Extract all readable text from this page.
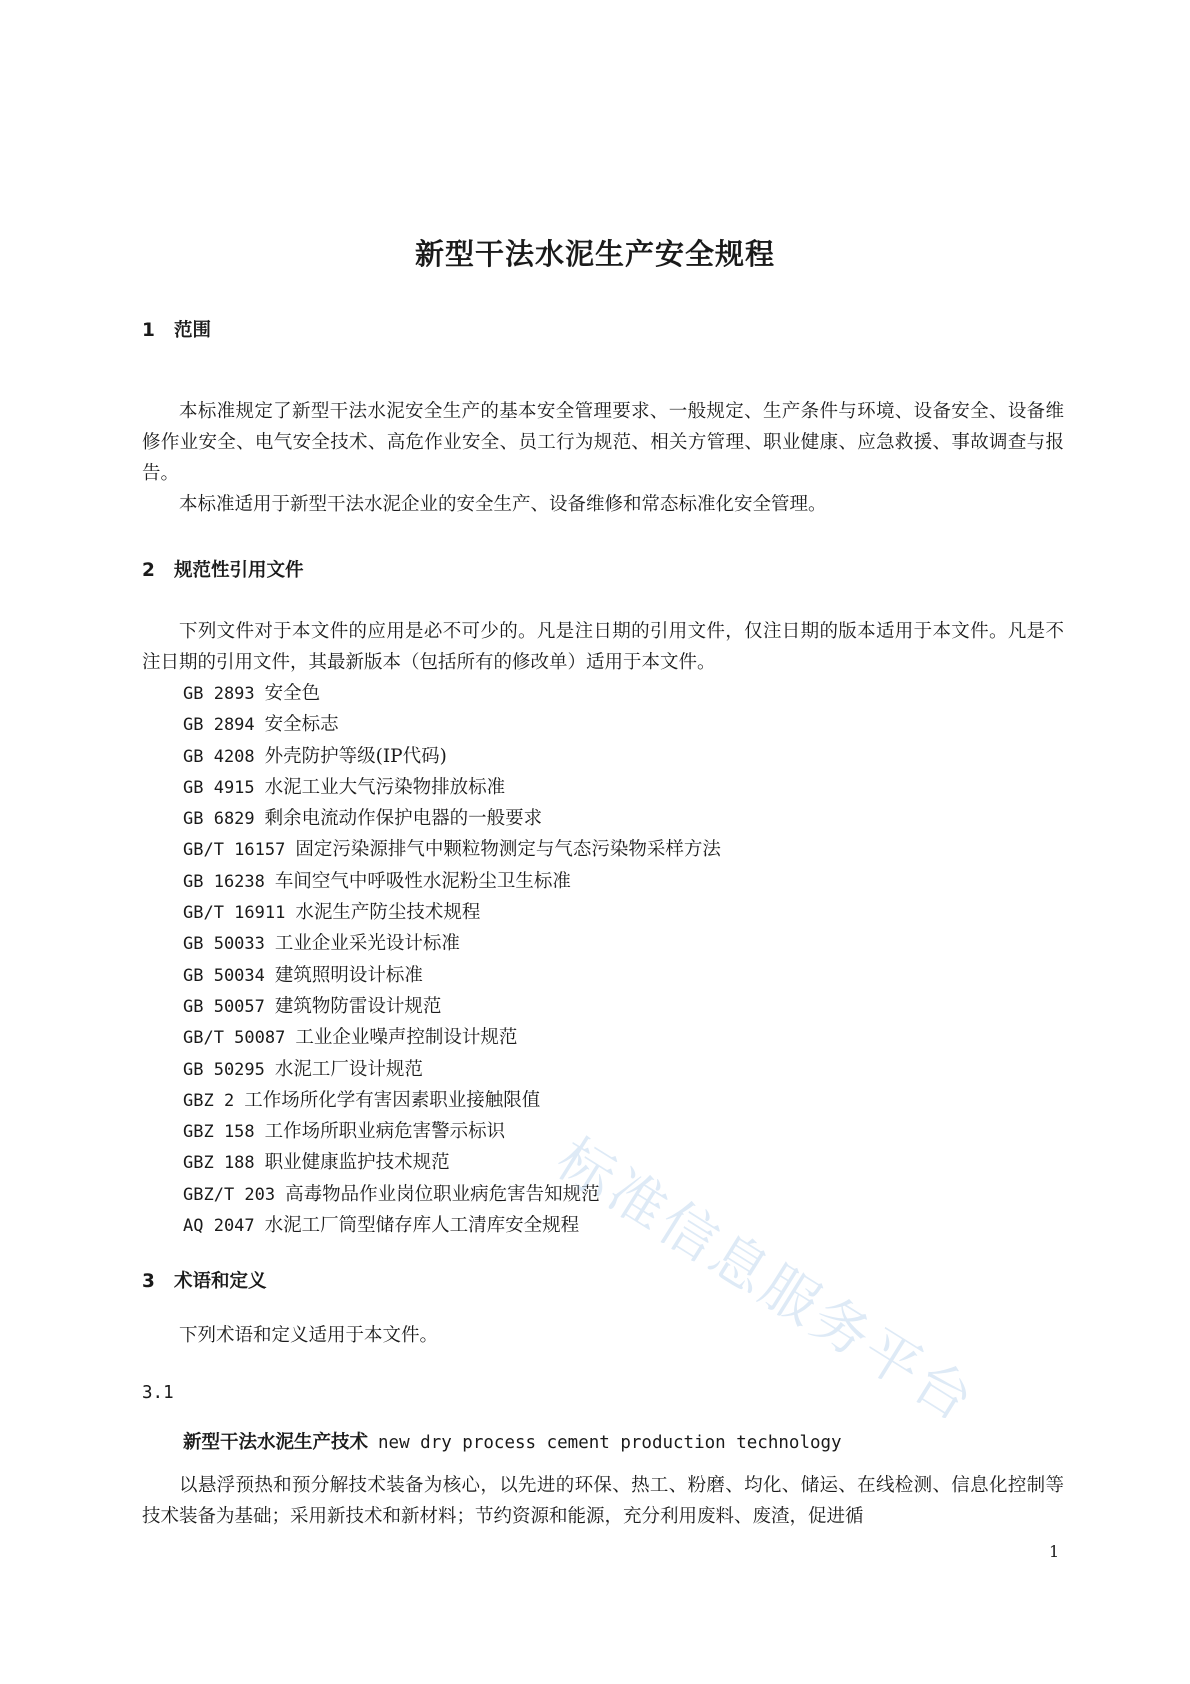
新型干法水泥生产安全规程
1 范围

本标准规定了新型干法水泥安全生产的基本安全管理要求、一般规定、生产条件与环境、设备安全、设备维修作业安全、电气安全技术、高危作业安全、员工行为规范、相关方管理、职业健康、应急救援、事故调查与报告。

本标准适用于新型干法水泥企业的安全生产、设备维修和常态标准化安全管理。

2 规范性引用文件

下列文件对于本文件的应用是必不可少的。凡是注日期的引用文件，仅注日期的版本适用于本文件。凡是不注日期的引用文件，其最新版本（包括所有的修改单）适用于本文件。

GB 2893 安全色
GB 2894 安全标志
GB 4208 外壳防护等级(IP代码)
GB 4915 水泥工业大气污染物排放标准
GB 6829 剩余电流动作保护电器的一般要求
GB/T 16157 固定污染源排气中颗粒物测定与气态污染物采样方法
GB 16238 车间空气中呼吸性水泥粉尘卫生标准
GB/T 16911 水泥生产防尘技术规程
GB 50033 工业企业采光设计标准
GB 50034 建筑照明设计标准
GB 50057 建筑物防雷设计规范
GB/T 50087 工业企业噪声控制设计规范
GB 50295 水泥工厂设计规范
GBZ 2 工作场所化学有害因素职业接触限值
GBZ 158 工作场所职业病危害警示标识
GBZ 188 职业健康监护技术规范
GBZ/T 203 高毒物品作业岗位职业病危害告知规范
AQ 2047 水泥工厂筒型储存库人工清库安全规程
3 术语和定义

下列术语和定义适用于本文件。

3.1

新型干法水泥生产技术 new dry process cement production technology

以悬浮预热和预分解技术装备为核心，以先进的环保、热工、粉磨、均化、储运、在线检测、信息化控制等技术装备为基础；采用新技术和新材料；节约资源和能源，充分利用废料、废渣，促进循

1

标准信息服务平台
